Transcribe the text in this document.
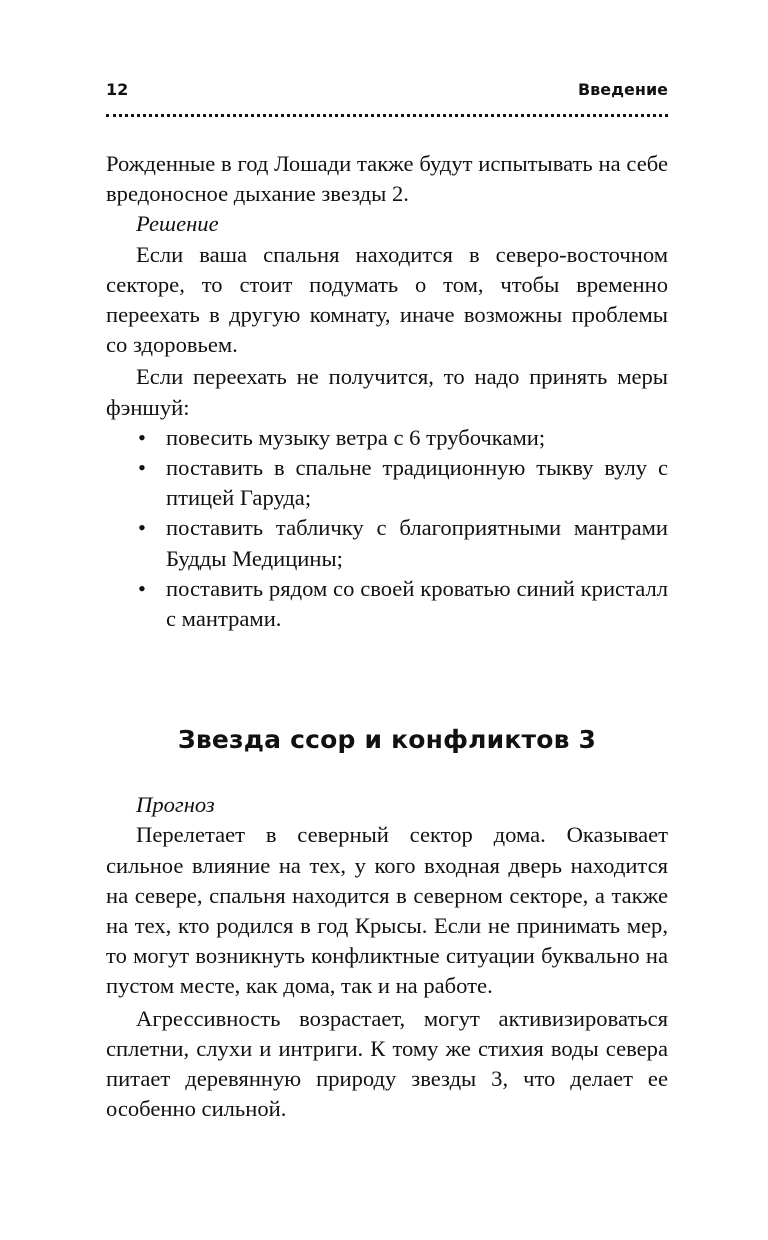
12	Введение

Рожденные в год Лошади также будут испытывать на себе вредоносное дыхание звезды 2.

Решение

Если ваша спальня находится в северо-восточном секторе, то стоит подумать о том, чтобы временно переехать в другую комнату, иначе возможны проблемы со здоровьем.

Если переехать не получится, то надо принять меры фэншуй:

• повесить музыку ветра с 6 трубочками;
• поставить в спальне традиционную тыкву вулу с птицей Гаруда;
• поставить табличку с благоприятными мантрами Будды Медицины;
• поставить рядом со своей кроватью синий кристалл с мантрами.
Звезда ссор и конфликтов 3
Прогноз

Перелетает в северный сектор дома. Оказывает сильное влияние на тех, у кого входная дверь находится на севере, спальня находится в северном секторе, а также на тех, кто родился в год Крысы. Если не принимать мер, то могут возникнуть конфликтные ситуации буквально на пустом месте, как дома, так и на работе.

Агрессивность возрастает, могут активизироваться сплетни, слухи и интриги. К тому же стихия воды севера питает деревянную природу звезды 3, что делает ее особенно сильной.
